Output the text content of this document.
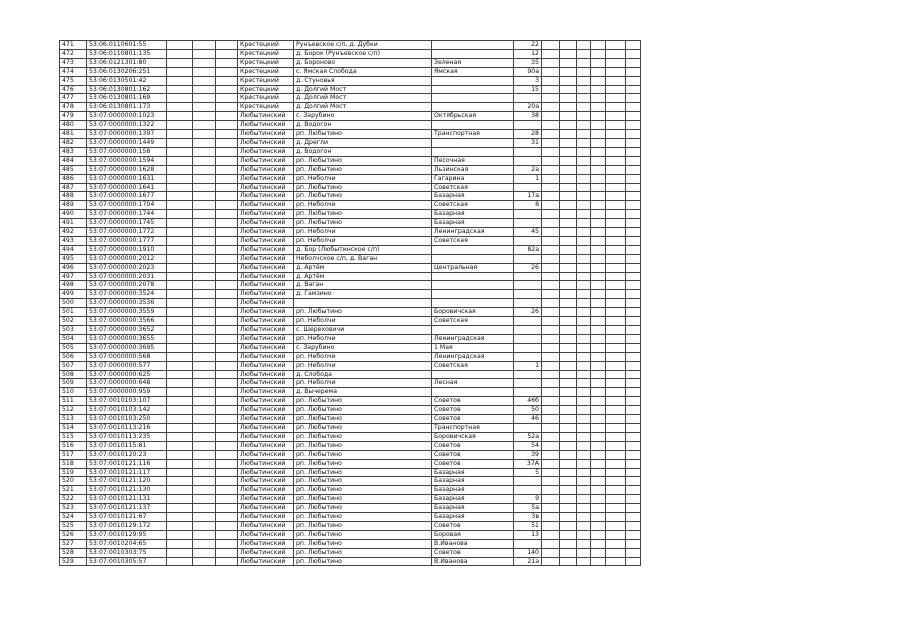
471	53:06:0110601:55				Крестецкий	Рунъевское с/п, д. Дубки		22						
472	53:06:0110801:135				Крестецкий	д. Борок (Рунъевское с/п)		12						
473	53:06:0121301:80				Крестецкий	д. Бороново	Зеленая	35						
474	53:06:0130206:251				Крестецкий	с. Ямская Слобода	Ямская	90а						
475	53:06:0130501:42				Крестецкий	д. Стуновья		3						
476	53:06:0130801:162				Крестецкий	д. Долгий Мост		15						
477	53:06:0130801:169				Крестецкий	д. Долгий Мост								
478	53:06:0130801:173				Крестецкий	д. Долгий Мост		20а						
479	53:07:0000000:1023				Любытинский	с. Зарубино	Октябрьская	38						
480	53:07:0000000:1322				Любытинский	д. Водогон								
481	53:07:0000000:1397				Любытинский	рп. Любытино	Транспортная	28						
482	53:07:0000000:1449				Любытинский	д. Дрегли		31						
483	53:07:0000000:158				Любытинский	д. Водогон								
484	53:07:0000000:1594				Любытинский	рп. Любытино	Песочная							
485	53:07:0000000:1628				Любытинский	рп. Любытино	Льзинская	2а						
486	53:07:0000000:1631				Любытинский	рп. Неболчи	Гагарина	1						
487	53:07:0000000:1641				Любытинский	рп. Любытино	Советская							
488	53:07:0000000:1677				Любытинский	рп. Любытино	Базарная	17а						
489	53:07:0000000:1704				Любытинский	рп. Неболчи	Советская	8						
490	53:07:0000000:1744				Любытинский	рп. Любытино	Базарная							
491	53:07:0000000:1745				Любытинский	рп. Любытино	Базарная							
492	53:07:0000000:1772				Любытинский	рп. Неболчи	Ленинградская	45						
493	53:07:0000000:1777				Любытинский	рп. Неболчи	Советская							
494	53:07:0000000:1910				Любытинский	д. Бор (Любытинское с/п)		82а						
495	53:07:0000000:2012				Любытинский	Неболчское с/п, д. Ваган								
496	53:07:0000000:2023				Любытинский	д. Артём	Центральная	26						
497	53:07:0000000:2031				Любытинский	д. Артём								
498	53:07:0000000:2078				Любытинский	д. Ваган								
499	53:07:0000000:3524				Любытинский	д. Гамзино								
500	53:07:0000000:3536				Любытинский									
501	53:07:0000000:3559				Любытинский	рп. Любытино	Боровичская	26						
502	53:07:0000000:3566				Любытинский	рп. Неболчи	Советская							
503	53:07:0000000:3652				Любытинский	с. Шереховичи								
504	53:07:0000000:3655				Любытинский	рп. Неболчи	Ленинградская							
505	53:07:0000000:3695				Любытинский	с. Зарубино	1 Мая							
506	53:07:0000000:568				Любытинский	рп. Неболчи	Ленинградская							
507	53:07:0000000:577				Любытинский	рп. Неболчи	Советская	1						
508	53:07:0000000:625				Любытинский	д. Слобода								
509	53:07:0000000:648				Любытинский	рп. Неболчи	Лесная							
510	53:07:0000000:959				Любытинский	д. Вычерема								
511	53:07:0010103:107				Любытинский	рп. Любытино	Советов	46б						
512	53:07:0010103:142				Любытинский	рп. Любытино	Советов	50						
513	53:07:0010103:250				Любытинский	рп. Любытино	Советов	46						
514	53:07:0010113:216				Любытинский	рп. Любытино	Транспортная							
515	53:07:0010113:235				Любытинский	рп. Любытино	Боровичская	52а						
516	53:07:0010115:81				Любытинский	рп. Любытино	Советов	54						
517	53:07:0010120:23				Любытинский	рп. Любытино	Советов	39						
518	53:07:0010121:116				Любытинский	рп. Любытино	Советов	37А						
519	53:07:0010121:117				Любытинский	рп. Любытино	Базарная	5						
520	53:07:0010121:120				Любытинский	рп. Любытино	Базарная							
521	53:07:0010121:130				Любытинский	рп. Любытино	Базарная							
522	53:07:0010121:131				Любытинский	рп. Любытино	Базарная	9						
523	53:07:0010121:137				Любытинский	рп. Любытино	Базарная	5а						
524	53:07:0010121:67				Любытинский	рп. Любытино	Базарная	3в						
525	53:07:0010129:172				Любытинский	рп. Любытино	Советов	51						
526	53:07:0010129:95				Любытинский	рп. Любытино	Боровая	13						
527	53:07:0010204:65				Любытинский	рп. Любытино	В.Иванова							
528	53:07:0010303:75				Любытинский	рп. Любытино	Советов	140						
529	53:07:0010305:57				Любытинский	рп. Любытино	В.Иванова	21а						
